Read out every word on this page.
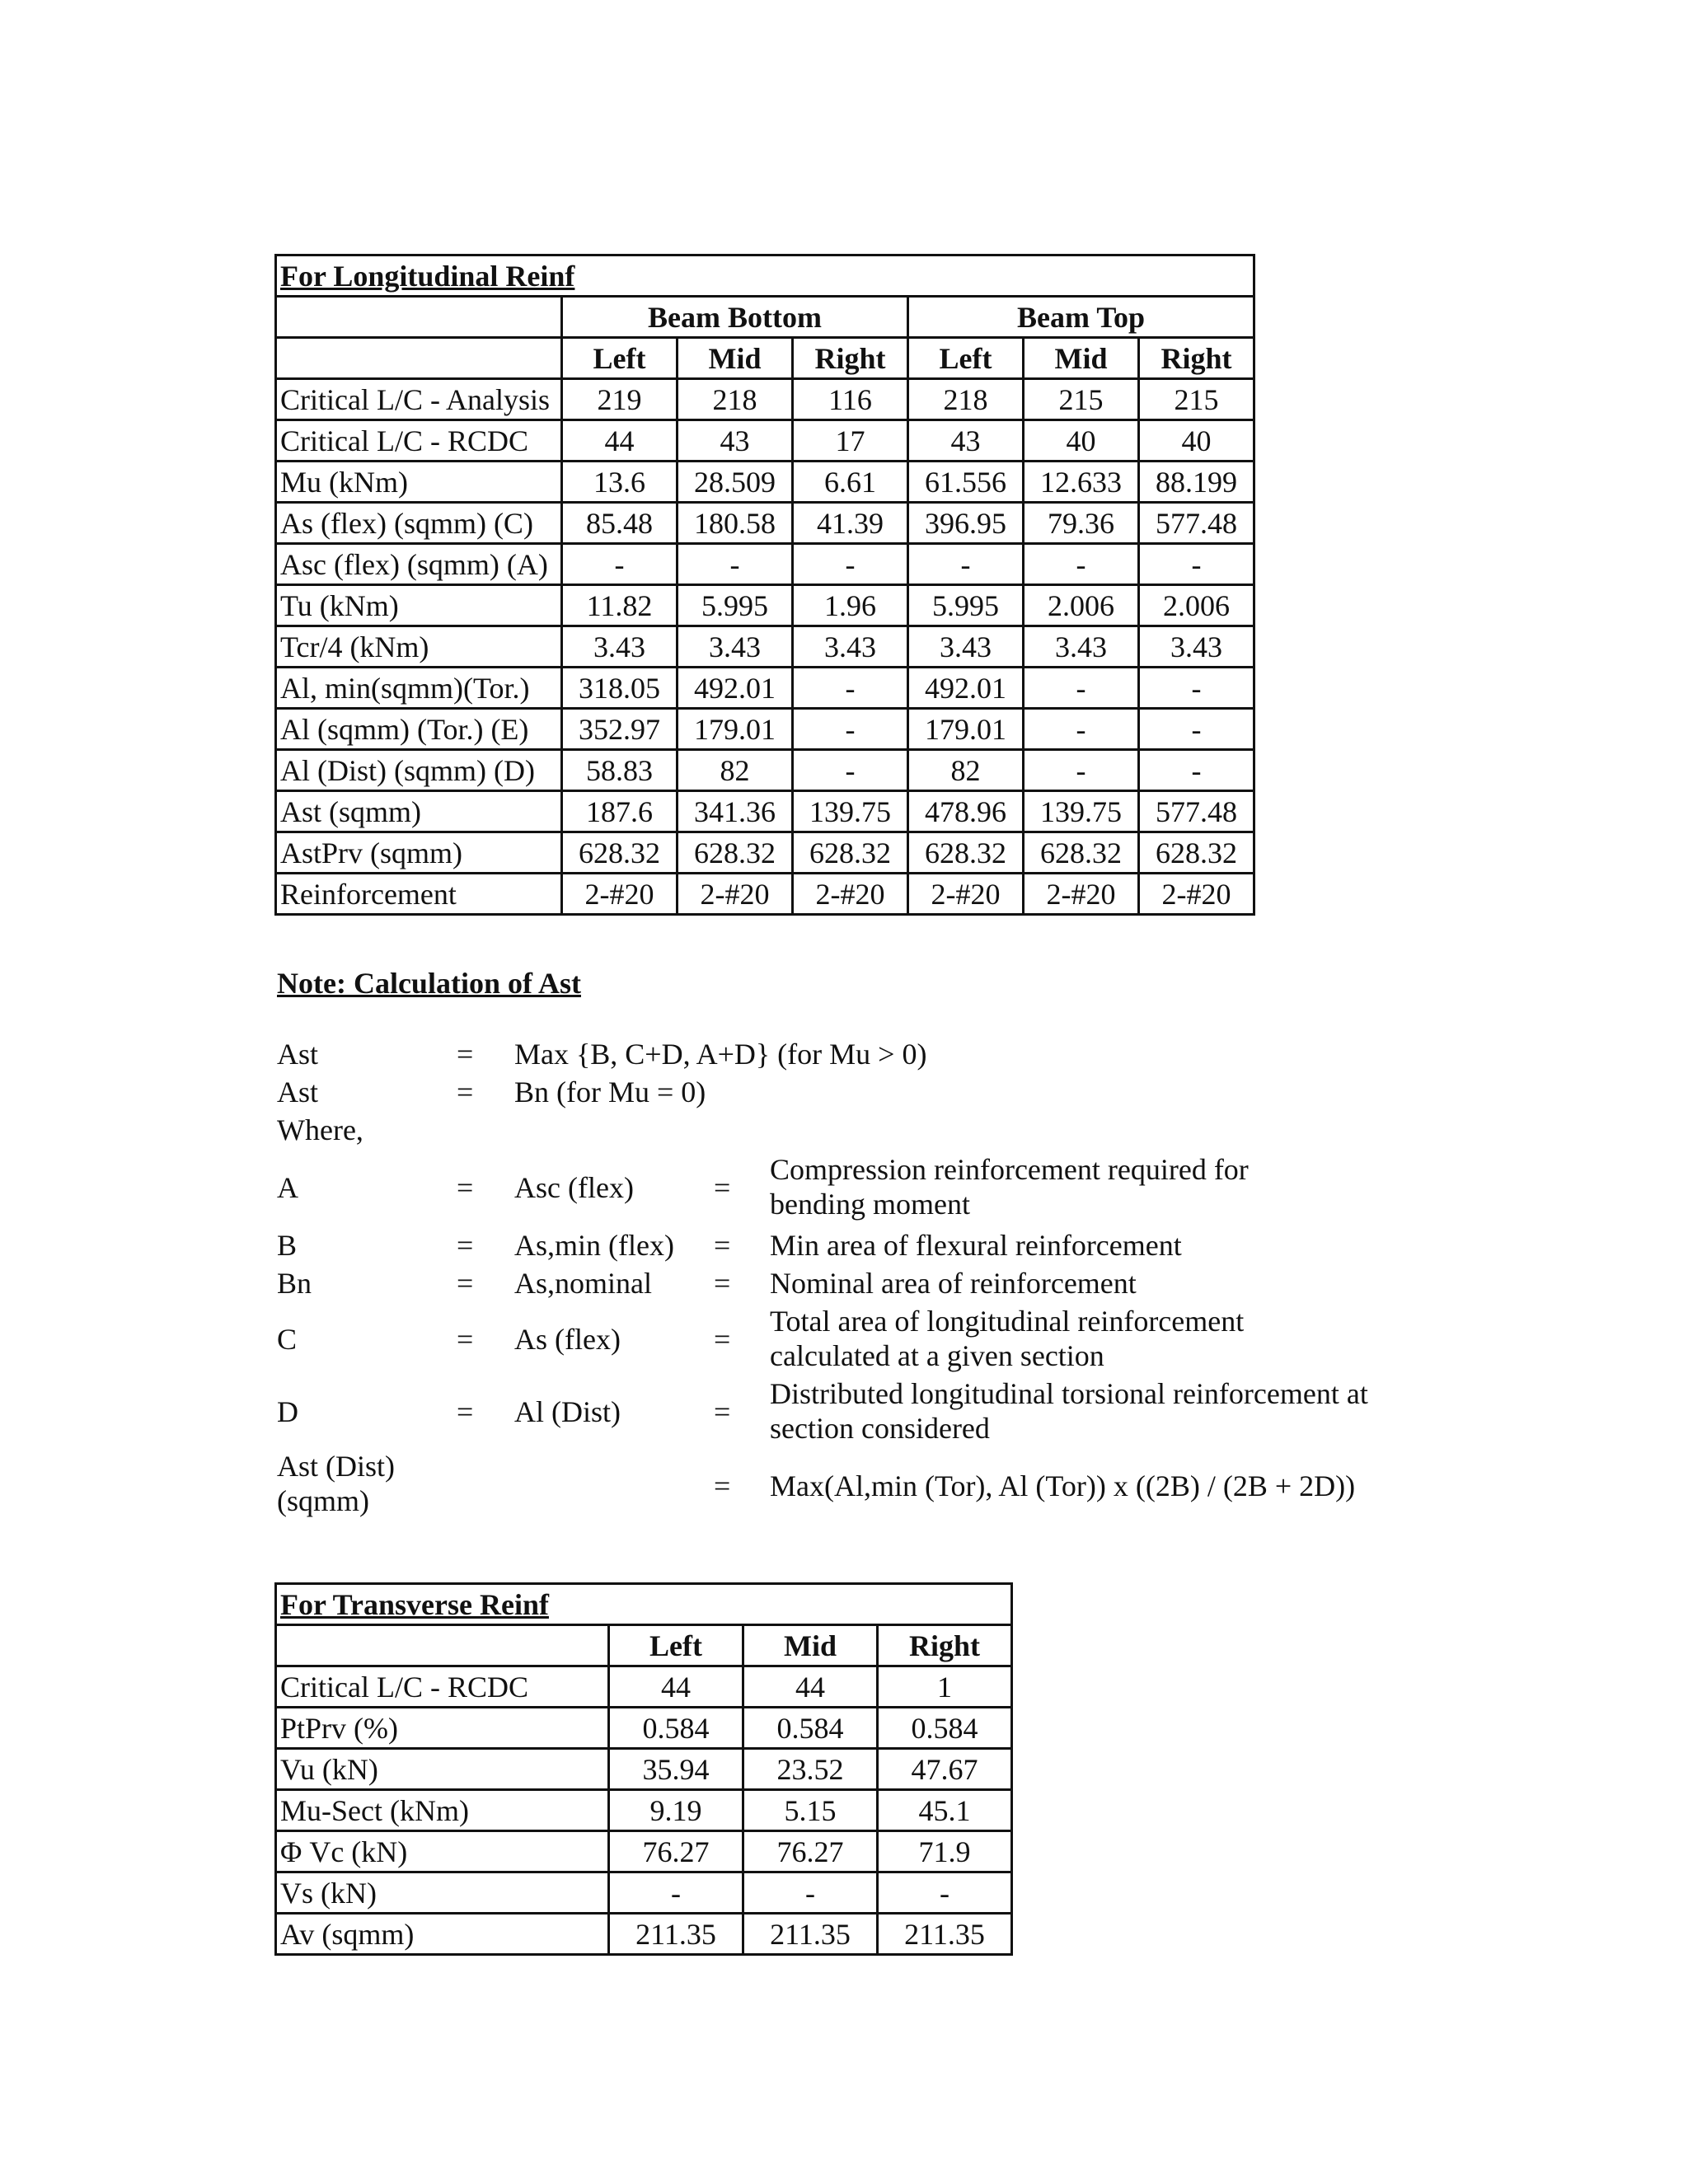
For Longitudinal Reinf						
	Beam Bottom			Beam Top		
	Left	Mid	Right	Left	Mid	Right
Critical L/C - Analysis	219	218	116	218	215	215
Critical L/C - RCDC	44	43	17	43	40	40
Mu (kNm)	13.6	28.509	6.61	61.556	12.633	88.199
As (flex) (sqmm) (C)	85.48	180.58	41.39	396.95	79.36	577.48
Asc (flex) (sqmm) (A)	-	-	-	-	-	-
Tu (kNm)	11.82	5.995	1.96	5.995	2.006	2.006
Tcr/4 (kNm)	3.43	3.43	3.43	3.43	3.43	3.43
Al, min(sqmm)(Tor.)	318.05	492.01	-	492.01	-	-
Al (sqmm) (Tor.) (E)	352.97	179.01	-	179.01	-	-
Al (Dist) (sqmm) (D)	58.83	82	-	82	-	-
Ast (sqmm)	187.6	341.36	139.75	478.96	139.75	577.48
AstPrv (sqmm)	628.32	628.32	628.32	628.32	628.32	628.32
Reinforcement	2-#20	2-#20	2-#20	2-#20	2-#20	2-#20
Note: Calculation of Ast
Ast	= Max {B, C+D, A+D} (for Mu > 0)
Ast	= Bn (for Mu = 0)
Where,
A	= Asc (flex)	=
Compression reinforcement required for bending moment
B	= As,min (flex) = Min area of flexural reinforcement
Bn	= As,nominal = Nominal area of reinforcement
C	= As (flex)	=
Total area of longitudinal reinforcement calculated at a given section
D	= Al (Dist)	=
Distributed longitudinal torsional reinforcement at section considered
Ast (Dist) (sqmm)	= Max(Al,min (Tor), Al (Tor)) x ((2B) / (2B + 2D))
For Transverse Reinf			
	Left	Mid	Right
Critical L/C - RCDC	44	44	1
PtPrv (%)	0.584	0.584	0.584
Vu (kN)	35.94	23.52	47.67
Mu-Sect (kNm)	9.19	5.15	45.1
Φ Vc (kN)	76.27	76.27	71.9
Vs (kN)	-	-	-
Av (sqmm)	211.35	211.35	211.35
